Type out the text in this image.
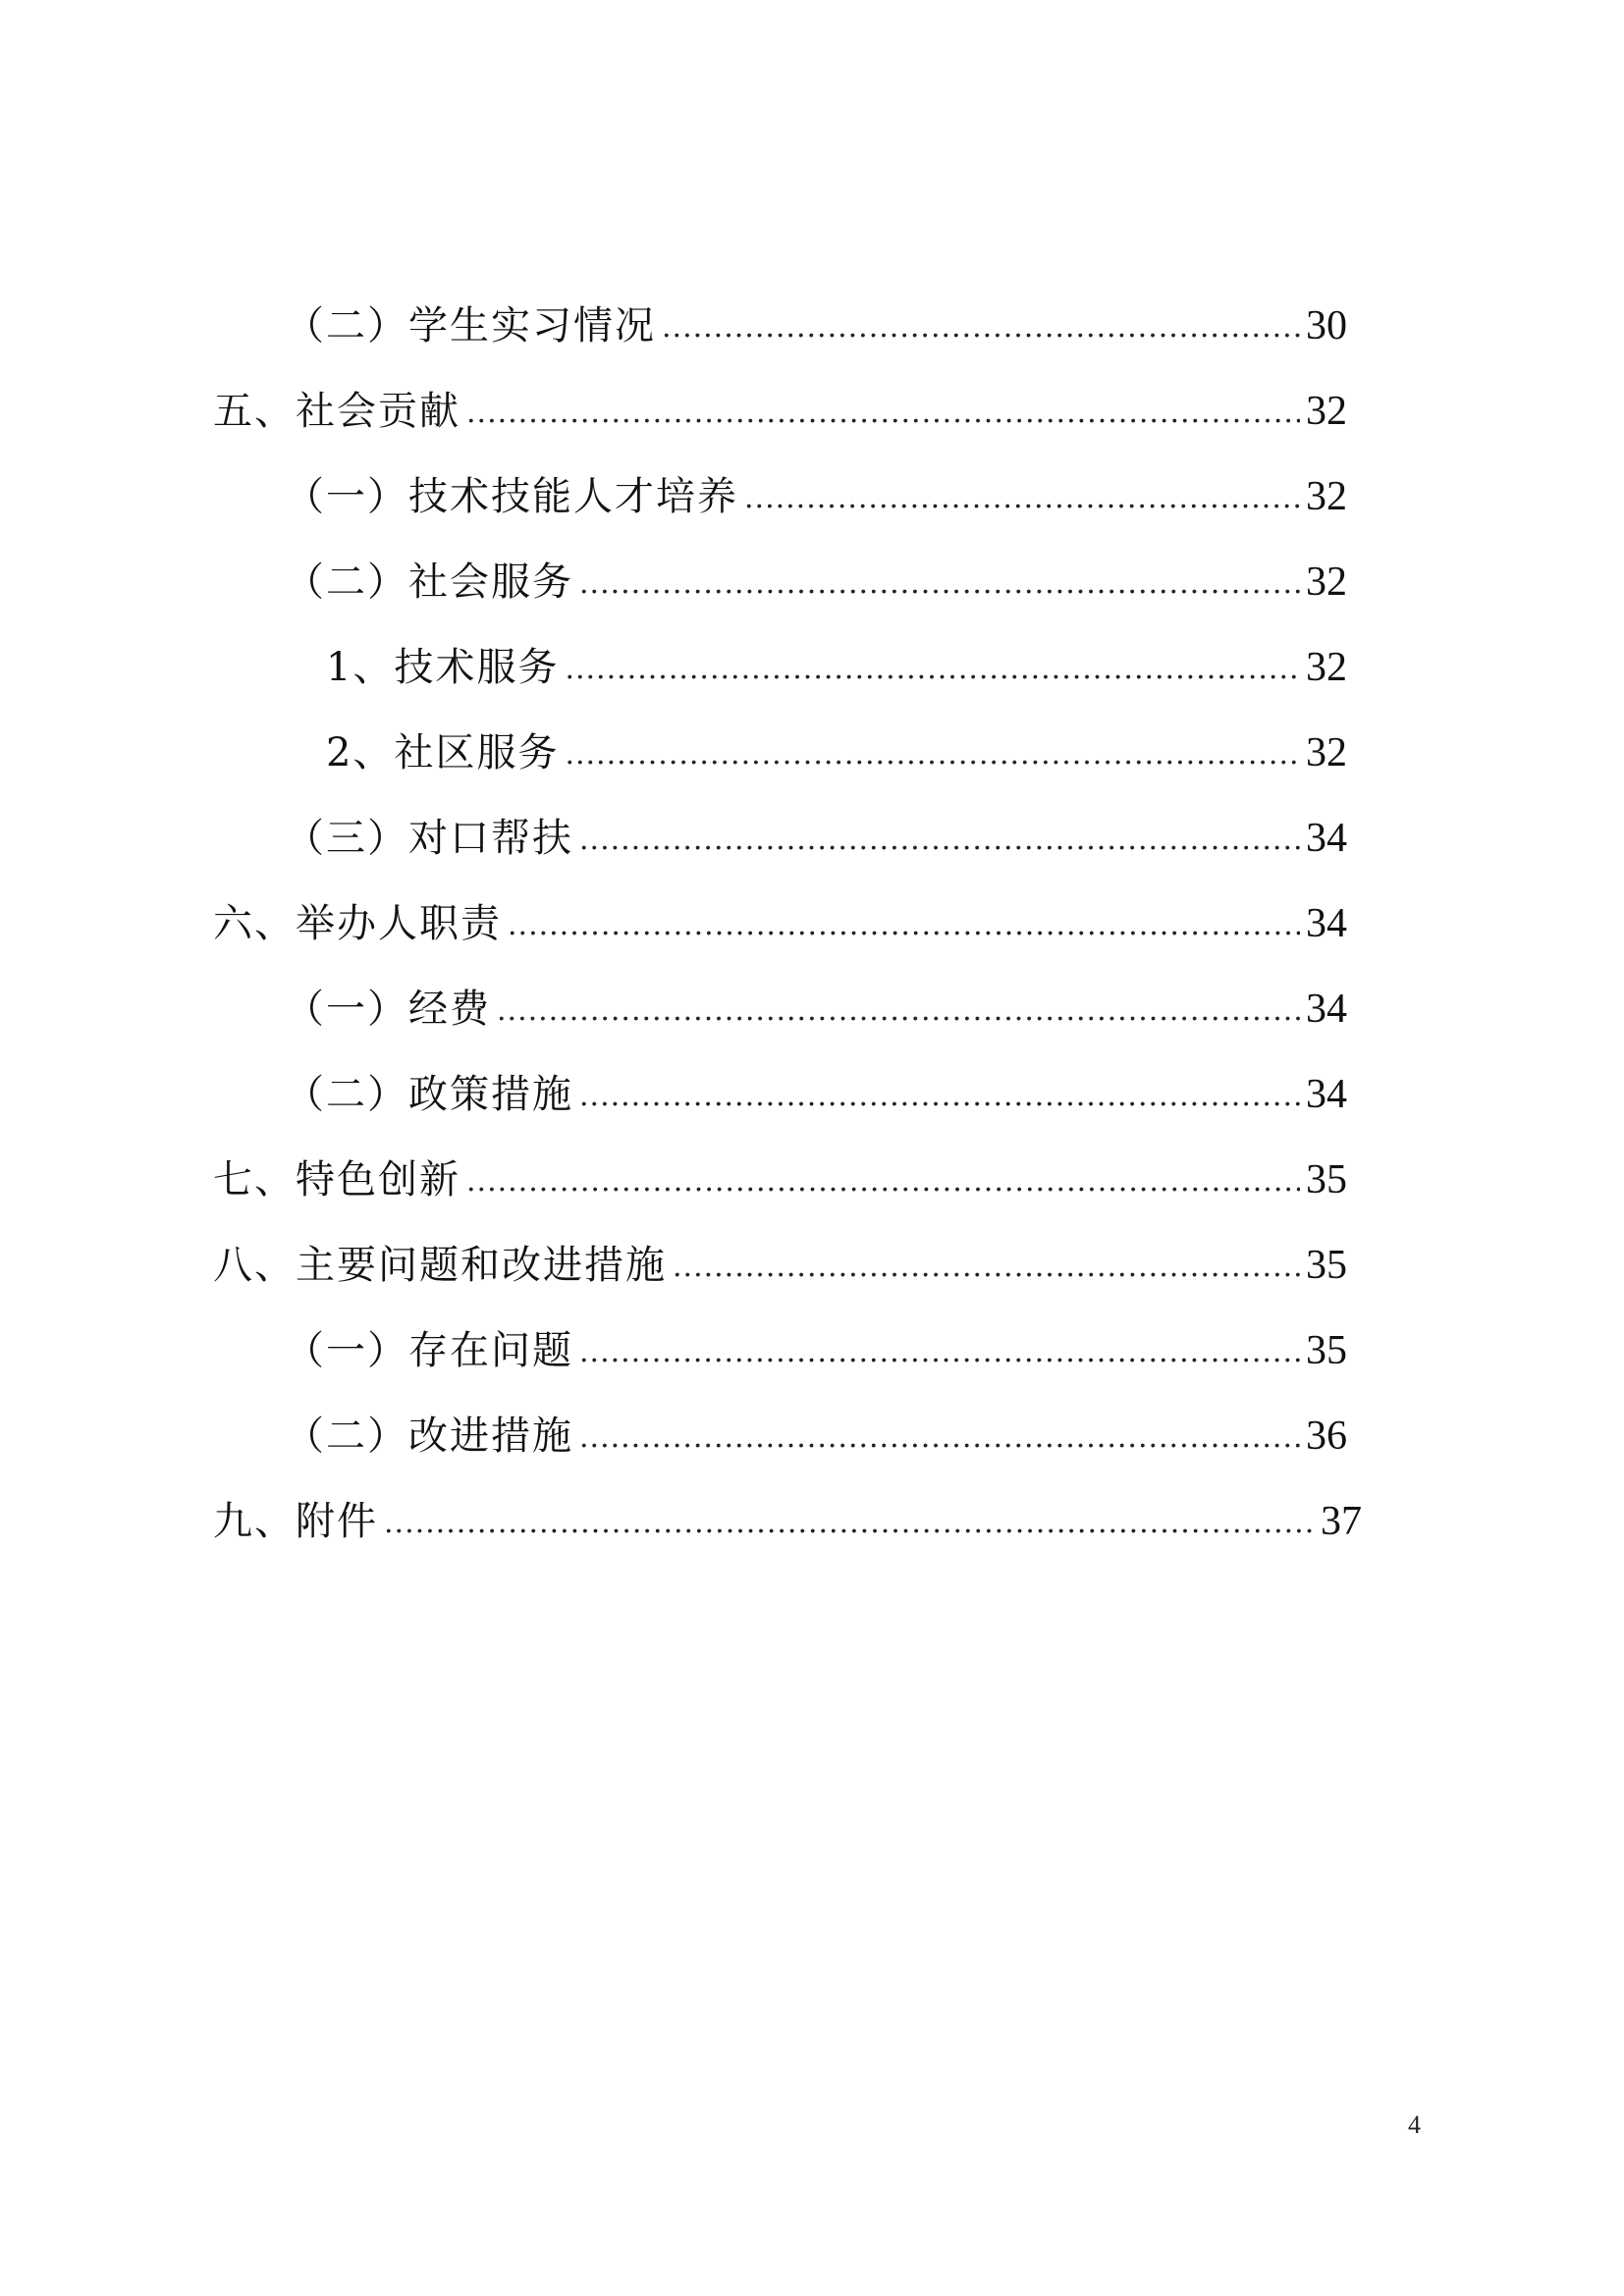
（二）学生实习情况 .....	30
五、社会贡献 .....	32
（一）技术技能人才培养 .....	32
（二）社会服务 .....	32
1、技术服务 .....	32
2、社区服务 .....	32
（三）对口帮扶 .....	34
六、举办人职责 .....	34
（一）经费 .....	34
（二）政策措施 .....	34
七、特色创新 .....	35
八、主要问题和改进措施 .....	35
（一）存在问题 .....	35
（二）改进措施 .....	36
九、附件 .....	37
4
